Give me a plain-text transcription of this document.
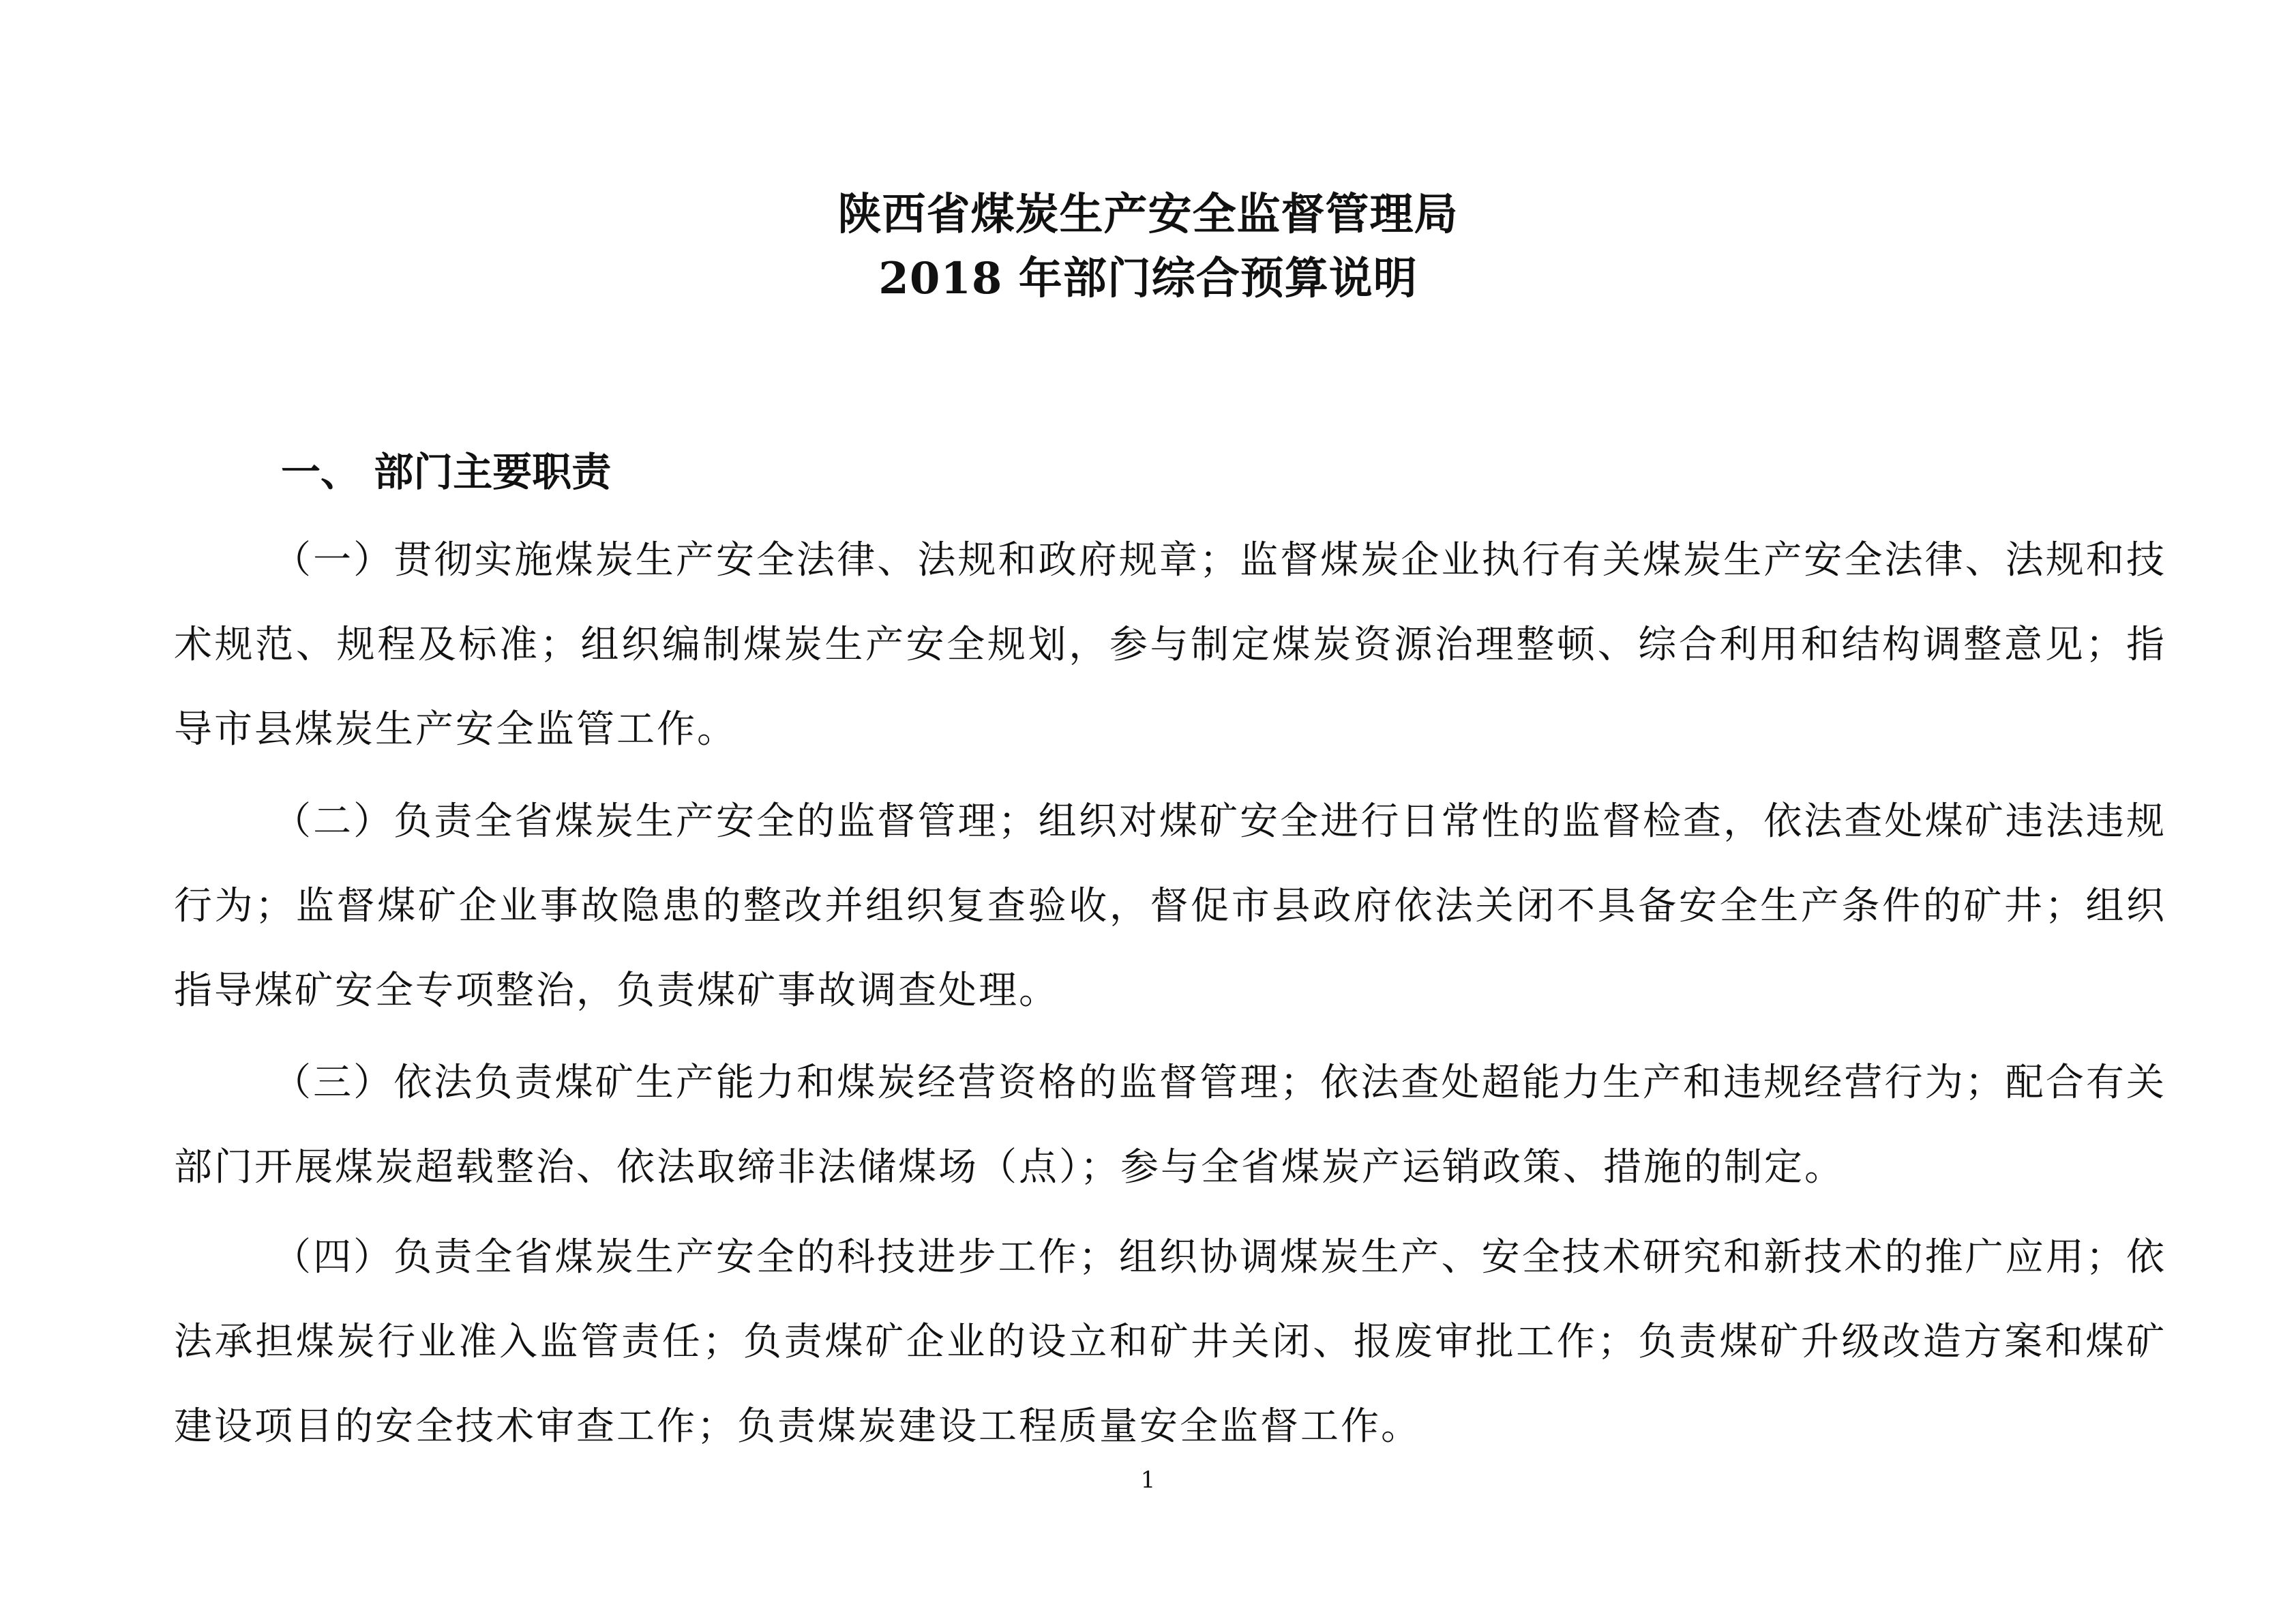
陕西省煤炭生产安全监督管理局
2018 年部门综合预算说明
一、 部门主要职责

（一）贯彻实施煤炭生产安全法律、法规和政府规章；监督煤炭企业执行有关煤炭生产安全法律、法规和技术规范、规程及标准；组织编制煤炭生产安全规划，参与制定煤炭资源治理整顿、综合利用和结构调整意见；指导市县煤炭生产安全监管工作。

（二）负责全省煤炭生产安全的监督管理；组织对煤矿安全进行日常性的监督检查，依法查处煤矿违法违规行为；监督煤矿企业事故隐患的整改并组织复查验收，督促市县政府依法关闭不具备安全生产条件的矿井；组织指导煤矿安全专项整治，负责煤矿事故调查处理。

（三）依法负责煤矿生产能力和煤炭经营资格的监督管理；依法查处超能力生产和违规经营行为；配合有关部门开展煤炭超载整治、依法取缔非法储煤场（点）；参与全省煤炭产运销政策、措施的制定。

（四）负责全省煤炭生产安全的科技进步工作；组织协调煤炭生产、安全技术研究和新技术的推广应用；依法承担煤炭行业准入监管责任；负责煤矿企业的设立和矿井关闭、报废审批工作；负责煤矿升级改造方案和煤矿建设项目的安全技术审查工作；负责煤炭建设工程质量安全监督工作。

1
